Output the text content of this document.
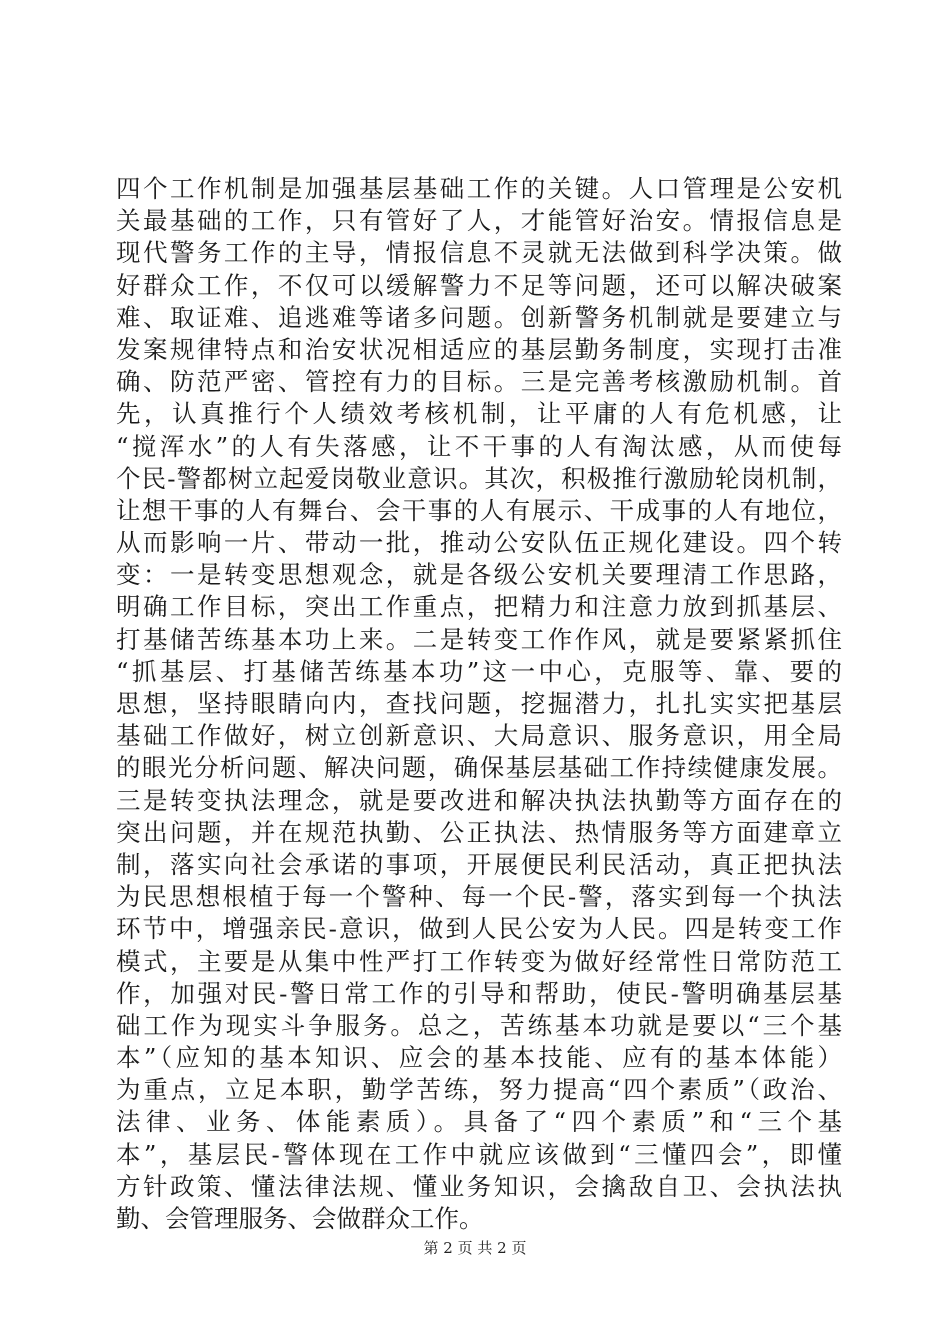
四个工作机制是加强基层基础工作的关键。人口管理是公安机
关最基础的工作，只有管好了人，才能管好治安。情报信息是
现代警务工作的主导，情报信息不灵就无法做到科学决策。做
好群众工作，不仅可以缓解警力不足等问题，还可以解决破案
难、取证难、追逃难等诸多问题。创新警务机制就是要建立与
发案规律特点和治安状况相适应的基层勤务制度，实现打击准
确、防范严密、管控有力的目标。三是完善考核激励机制。首
先，认真推行个人绩效考核机制，让平庸的人有危机感，让
“搅浑水”的人有失落感，让不干事的人有淘汰感，从而使每
个民-警都树立起爱岗敬业意识。其次，积极推行激励轮岗机制，
让想干事的人有舞台、会干事的人有展示、干成事的人有地位，
从而影响一片、带动一批，推动公安队伍正规化建设。四个转
变：一是转变思想观念，就是各级公安机关要理清工作思路，
明确工作目标，突出工作重点，把精力和注意力放到抓基层、
打基储苦练基本功上来。二是转变工作作风，就是要紧紧抓住
“抓基层、打基储苦练基本功”这一中心，克服等、靠、要的
思想，坚持眼睛向内，查找问题，挖掘潜力，扎扎实实把基层
基础工作做好，树立创新意识、大局意识、服务意识，用全局
的眼光分析问题、解决问题，确保基层基础工作持续健康发展。
三是转变执法理念，就是要改进和解决执法执勤等方面存在的
突出问题，并在规范执勤、公正执法、热情服务等方面建章立
制，落实向社会承诺的事项，开展便民利民活动，真正把执法
为民思想根植于每一个警种、每一个民-警，落实到每一个执法
环节中，增强亲民-意识，做到人民公安为人民。四是转变工作
模式，主要是从集中性严打工作转变为做好经常性日常防范工
作，加强对民-警日常工作的引导和帮助，使民-警明确基层基
础工作为现实斗争服务。总之，苦练基本功就是要以“三个基
本”（应知的基本知识、应会的基本技能、应有的基本体能）
为重点，立足本职，勤学苦练，努力提高“四个素质”（政治、
法律、业务、体能素质）。具备了“四个素质”和“三个基
本”，基层民-警体现在工作中就应该做到“三懂四会”，即懂
方针政策、懂法律法规、懂业务知识，会擒敌自卫、会执法执
勤、会管理服务、会做群众工作。
第 2 页 共 2 页
